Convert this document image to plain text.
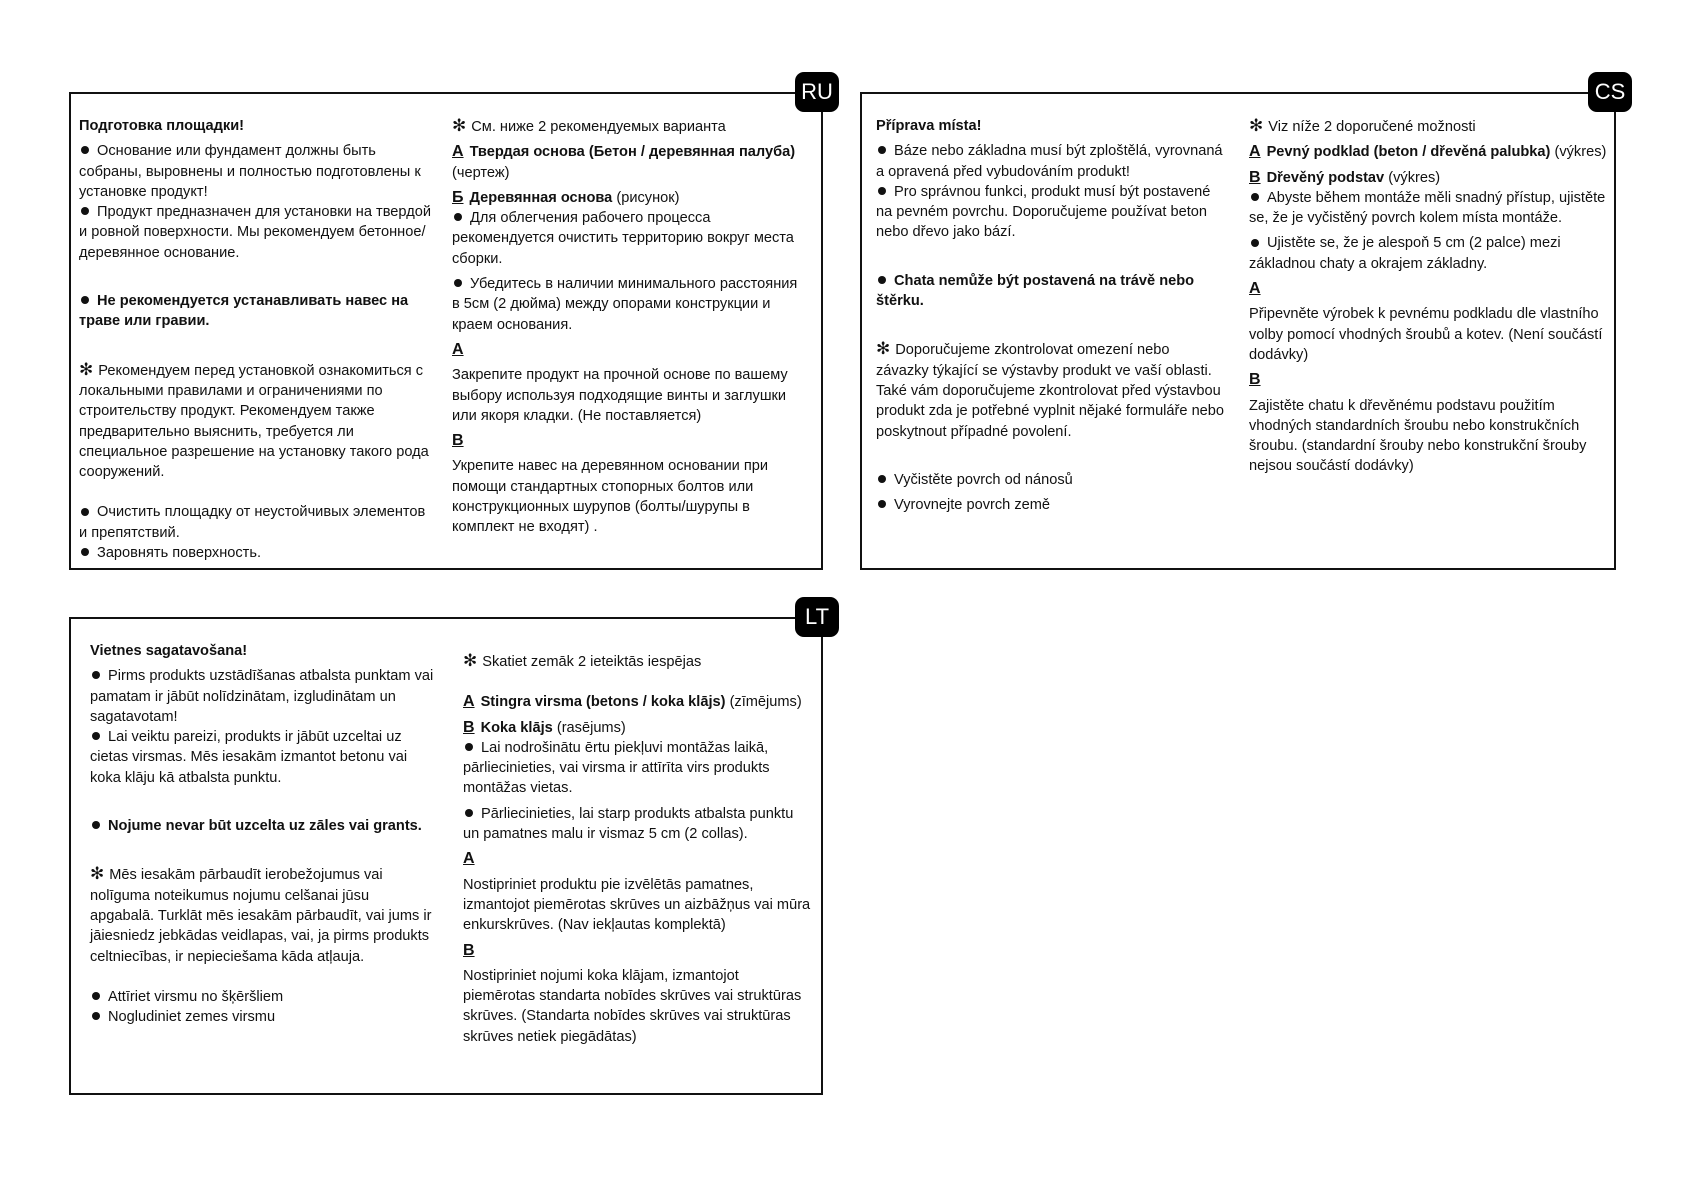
RU

Подготовка площадки!

Основание или фундамент должны быть собраны, выровнены и полностью подготовлены к установке продукт!

Продукт предназначен для установки на твердой и ровной поверхности. Мы рекомендуем бетонное/деревянное основание.

Не рекомендуется устанавливать навес на траве или гравии.

✻ Рекомендуем перед установкой ознакомиться с локальными правилами и ограничениями по строительству продукт. Рекомендуем также предварительно выяснить, требуется ли специальное разрешение на установку такого рода сооружений.

Очистить площадку от неустойчивых элементов и препятствий.

Заровнять поверхность.

✻ См. ниже 2 рекомендуемых варианта

А Твердая основа (Бетон / деревянная палуба) (чертеж)

Б Деревянная основа (рисунок)

Для облегчения рабочего процесса рекомендуется очистить территорию вокруг места сборки.

Убедитесь в наличии минимального расстояния в 5см (2 дюйма) между опорами конструкции и краем основания.

A

Закрепите продукт на прочной основе по вашему выбору используя подходящие винты и заглушки или якоря кладки. (Не поставляется)

B

Укрепите навес на деревянном основании при помощи стандартных стопорных болтов или конструкционных шурупов (болты/шурупы в комплект не входят) .

CS

Příprava místa!

Báze nebo základna musí být zploštělá, vyrovnaná a opravená před vybudováním produkt!

Pro správnou funkci, produkt musí být postavené na pevném povrchu. Doporučujeme používat beton nebo dřevo jako bází.

Chata nemůže být postavená na trávě nebo štěrku.

✻ Doporučujeme zkontrolovat omezení nebo závazky týkající se výstavby produkt ve vaší oblasti. Také vám doporučujeme zkontrolovat před výstavbou produkt zda je potřebné vyplnit nějaké formuláře nebo poskytnout případné povolení.

Vyčistěte povrch od nánosů

Vyrovnejte povrch země

✻ Viz níže 2 doporučené možnosti

A Pevný podklad (beton / dřevěná palubka) (výkres)

B Dřevěný podstav (výkres)

Abyste během montáže měli snadný přístup, ujistěte se, že je vyčistěný povrch kolem místa montáže.

Ujistěte se, že je alespoň 5 cm (2 palce) mezi základnou chaty a okrajem základny.

A

Připevněte výrobek k pevnému podkladu dle vlastního volby pomocí vhodných šroubů a kotev. (Není součástí dodávky)

B

Zajistěte chatu k dřevěnému podstavu použitím vhodných standardních šroubu nebo konstrukčních šroubu. (standardní šrouby nebo konstrukční šrouby nejsou součástí dodávky)

LT

Vietnes sagatavošana!

Pirms produkts uzstādīšanas atbalsta punktam vai pamatam ir jābūt nolīdzinātam, izgludinātam un sagatavotam!

Lai veiktu pareizi, produkts ir jābūt uzceltai uz cietas virsmas. Mēs iesakām izmantot betonu vai koka klāju kā atbalsta punktu.

Nojume nevar būt uzcelta uz zāles vai grants.

✻ Mēs iesakām pārbaudīt ierobežojumus vai nolīguma noteikumus nojumu celšanai jūsu apgabalā. Turklāt mēs iesakām pārbaudīt, vai jums ir jāiesniedz jebkādas veidlapas, vai, ja pirms produkts celtniecības, ir nepieciešama kāda atļauja.

Attīriet virsmu no šķēršliem

Nogludiniet zemes virsmu

✻ Skatiet zemāk 2 ieteiktās iespējas

A Stingra virsma (betons / koka klājs) (zīmējums)

B Koka klājs (rasējums)

Lai nodrošinātu ērtu piekļuvi montāžas laikā, pārliecinieties, vai virsma ir attīrīta virs produkts montāžas vietas.

Pārliecinieties, lai starp produkts atbalsta punktu un pamatnes malu ir vismaz 5 cm (2 collas).

A

Nostipriniet produktu pie izvēlētās pamatnes, izmantojot piemērotas skrūves un aizbāžņus vai mūra enkurskrūves. (Nav iekļautas komplektā)

B

Nostipriniet nojumi koka klājam, izmantojot piemērotas standarta nobīdes skrūves vai struktūras skrūves. (Standarta nobīdes skrūves vai struktūras skrūves netiek piegādātas)
